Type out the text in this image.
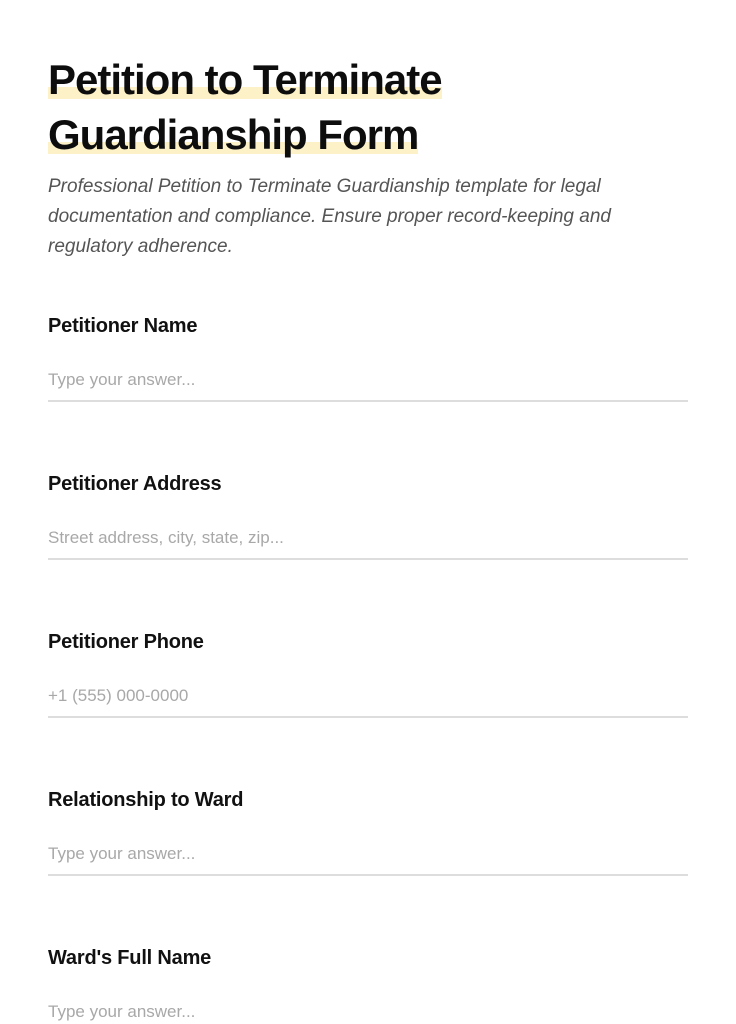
Petition to Terminate
Guardianship Form

Professional Petition to Terminate Guardianship template for legal documentation and compliance. Ensure proper record-keeping and regulatory adherence.

Petitioner Name
Type your answer...
Petitioner Address
Street address, city, state, zip...
Petitioner Phone
+1 (555) 000-0000
Relationship to Ward
Type your answer...
Ward's Full Name
Type your answer...
